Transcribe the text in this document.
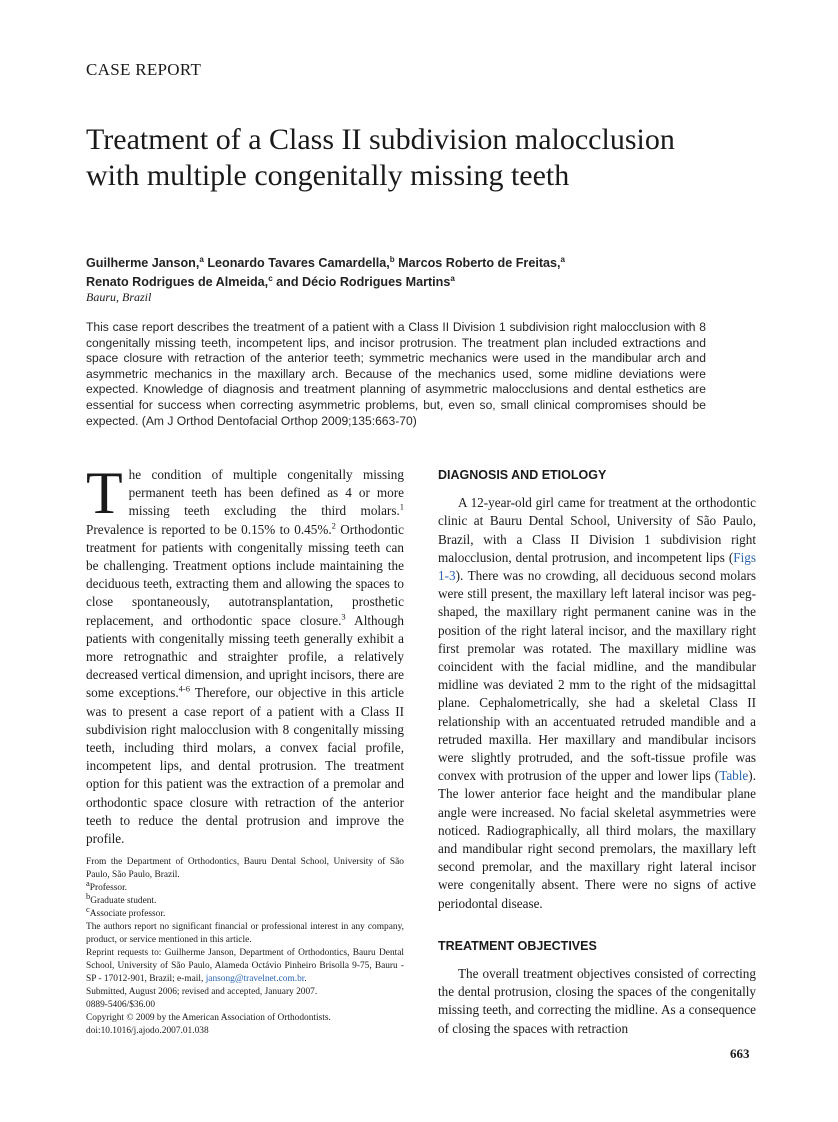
CASE REPORT
Treatment of a Class II subdivision malocclusion with multiple congenitally missing teeth
Guilherme Janson,$^a$ Leonardo Tavares Camardella,$^b$ Marcos Roberto de Freitas,$^a$
Renato Rodrigues de Almeida,$^c$ and Décio Rodrigues Martins$^a$
Bauru, Brazil
This case report describes the treatment of a patient with a Class II Division 1 subdivision right malocclusion with 8 congenitally missing teeth, incompetent lips, and incisor protrusion. The treatment plan included extractions and space closure with retraction of the anterior teeth; symmetric mechanics were used in the mandibular arch and asymmetric mechanics in the maxillary arch. Because of the mechanics used, some midline deviations were expected. Knowledge of diagnosis and treatment planning of asymmetric malocclusions and dental esthetics are essential for success when correcting asymmetric problems, but, even so, small clinical compromises should be expected. (Am J Orthod Dentofacial Orthop 2009;135:663-70)

The condition of multiple congenitally missing permanent teeth has been defined as 4 or more missing teeth excluding the third molars.$^1$ Prevalence is reported to be 0.15% to 0.45%.$^2$ Orthodontic treatment for patients with congenitally missing teeth can be challenging. Treatment options include maintaining the deciduous teeth, extracting them and allowing the spaces to close spontaneously, autotransplantation, prosthetic replacement, and orthodontic space closure.$^3$ Although patients with congenitally missing teeth generally exhibit a more retrognathic and straighter profile, a relatively decreased vertical dimension, and upright incisors, there are some exceptions.$^{4-6}$ Therefore, our objective in this article was to present a case report of a patient with a Class II subdivision right malocclusion with 8 congenitally missing teeth, including third molars, a convex facial profile, incompetent lips, and dental protrusion. The treatment option for this patient was the extraction of a premolar and orthodontic space closure with retraction of the anterior teeth to reduce the dental protrusion and improve the profile.

DIAGNOSIS AND ETIOLOGY

A 12-year-old girl came for treatment at the orthodontic clinic at Bauru Dental School, University of São Paulo, Brazil, with a Class II Division 1 subdivision right malocclusion, dental protrusion, and incompetent lips (Figs 1-3). There was no crowding, all deciduous second molars were still present, the maxillary left lateral incisor was peg-shaped, the maxillary right permanent canine was in the position of the right lateral incisor, and the maxillary right first premolar was rotated. The maxillary midline was coincident with the facial midline, and the mandibular midline was deviated 2 mm to the right of the midsagittal plane. Cephalometrically, she had a skeletal Class II relationship with an accentuated retruded mandible and a retruded maxilla. Her maxillary and mandibular incisors were slightly protruded, and the soft-tissue profile was convex with protrusion of the upper and lower lips (Table). The lower anterior face height and the mandibular plane angle were increased. No facial skeletal asymmetries were noticed. Radiographically, all third molars, the maxillary and mandibular right second premolars, the maxillary left second premolar, and the maxillary right lateral incisor were congenitally absent. There were no signs of active periodontal disease.

TREATMENT OBJECTIVES

The overall treatment objectives consisted of correcting the dental protrusion, closing the spaces of the congenitally missing teeth, and correcting the midline. As a consequence of closing the spaces with retraction

From the Department of Orthodontics, Bauru Dental School, University of São Paulo, São Paulo, Brazil.
$^a$Professor.
$^b$Graduate student.
$^c$Associate professor.
The authors report no significant financial or professional interest in any company, product, or service mentioned in this article.
Reprint requests to: Guilherme Janson, Department of Orthodontics, Bauru Dental School, University of São Paulo, Alameda Octávio Pinheiro Brisolla 9-75, Bauru - SP - 17012-901, Brazil; e-mail, jansong@travelnet.com.br.
Submitted, August 2006; revised and accepted, January 2007.
0889-5406/$36.00
Copyright © 2009 by the American Association of Orthodontists.
doi:10.1016/j.ajodo.2007.01.038
663
